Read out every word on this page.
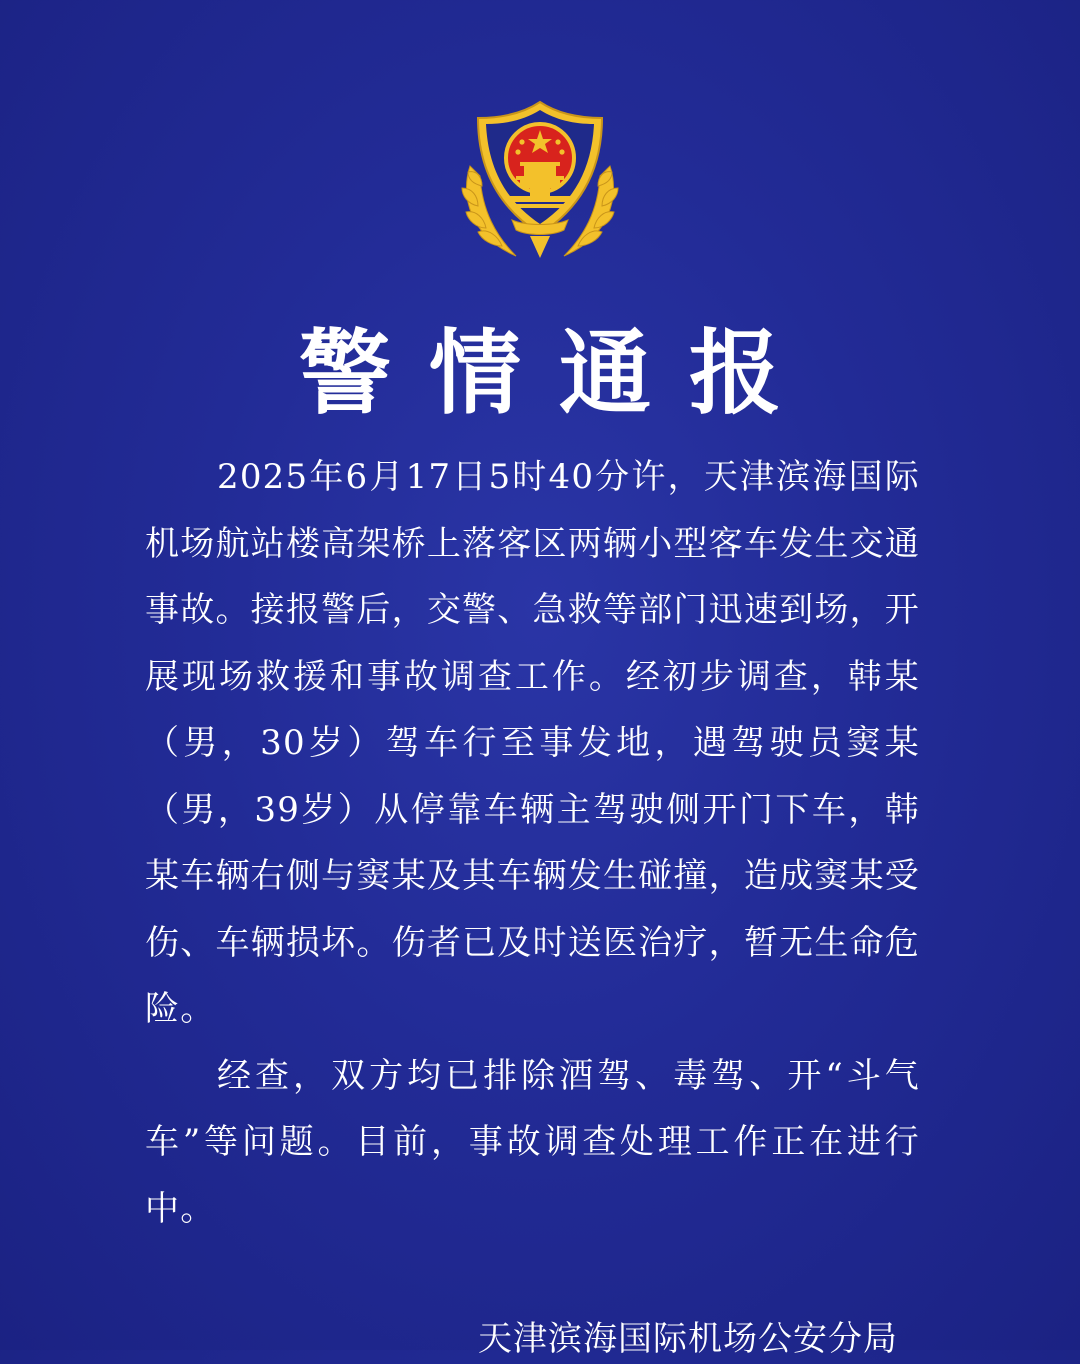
警情通报

2025年6月17日5时40分许，天津滨海国际机场航站楼高架桥上落客区两辆小型客车发生交通事故。接报警后，交警、急救等部门迅速到场，开展现场救援和事故调查工作。经初步调查，韩某（男，30岁）驾车行至事发地，遇驾驶员窦某（男，39岁）从停靠车辆主驾驶侧开门下车，韩某车辆右侧与窦某及其车辆发生碰撞，造成窦某受伤、车辆损坏。伤者已及时送医治疗，暂无生命危险。

经查，双方均已排除酒驾、毒驾、开“斗气车”等问题。目前，事故调查处理工作正在进行中。

天津滨海国际机场公安分局
